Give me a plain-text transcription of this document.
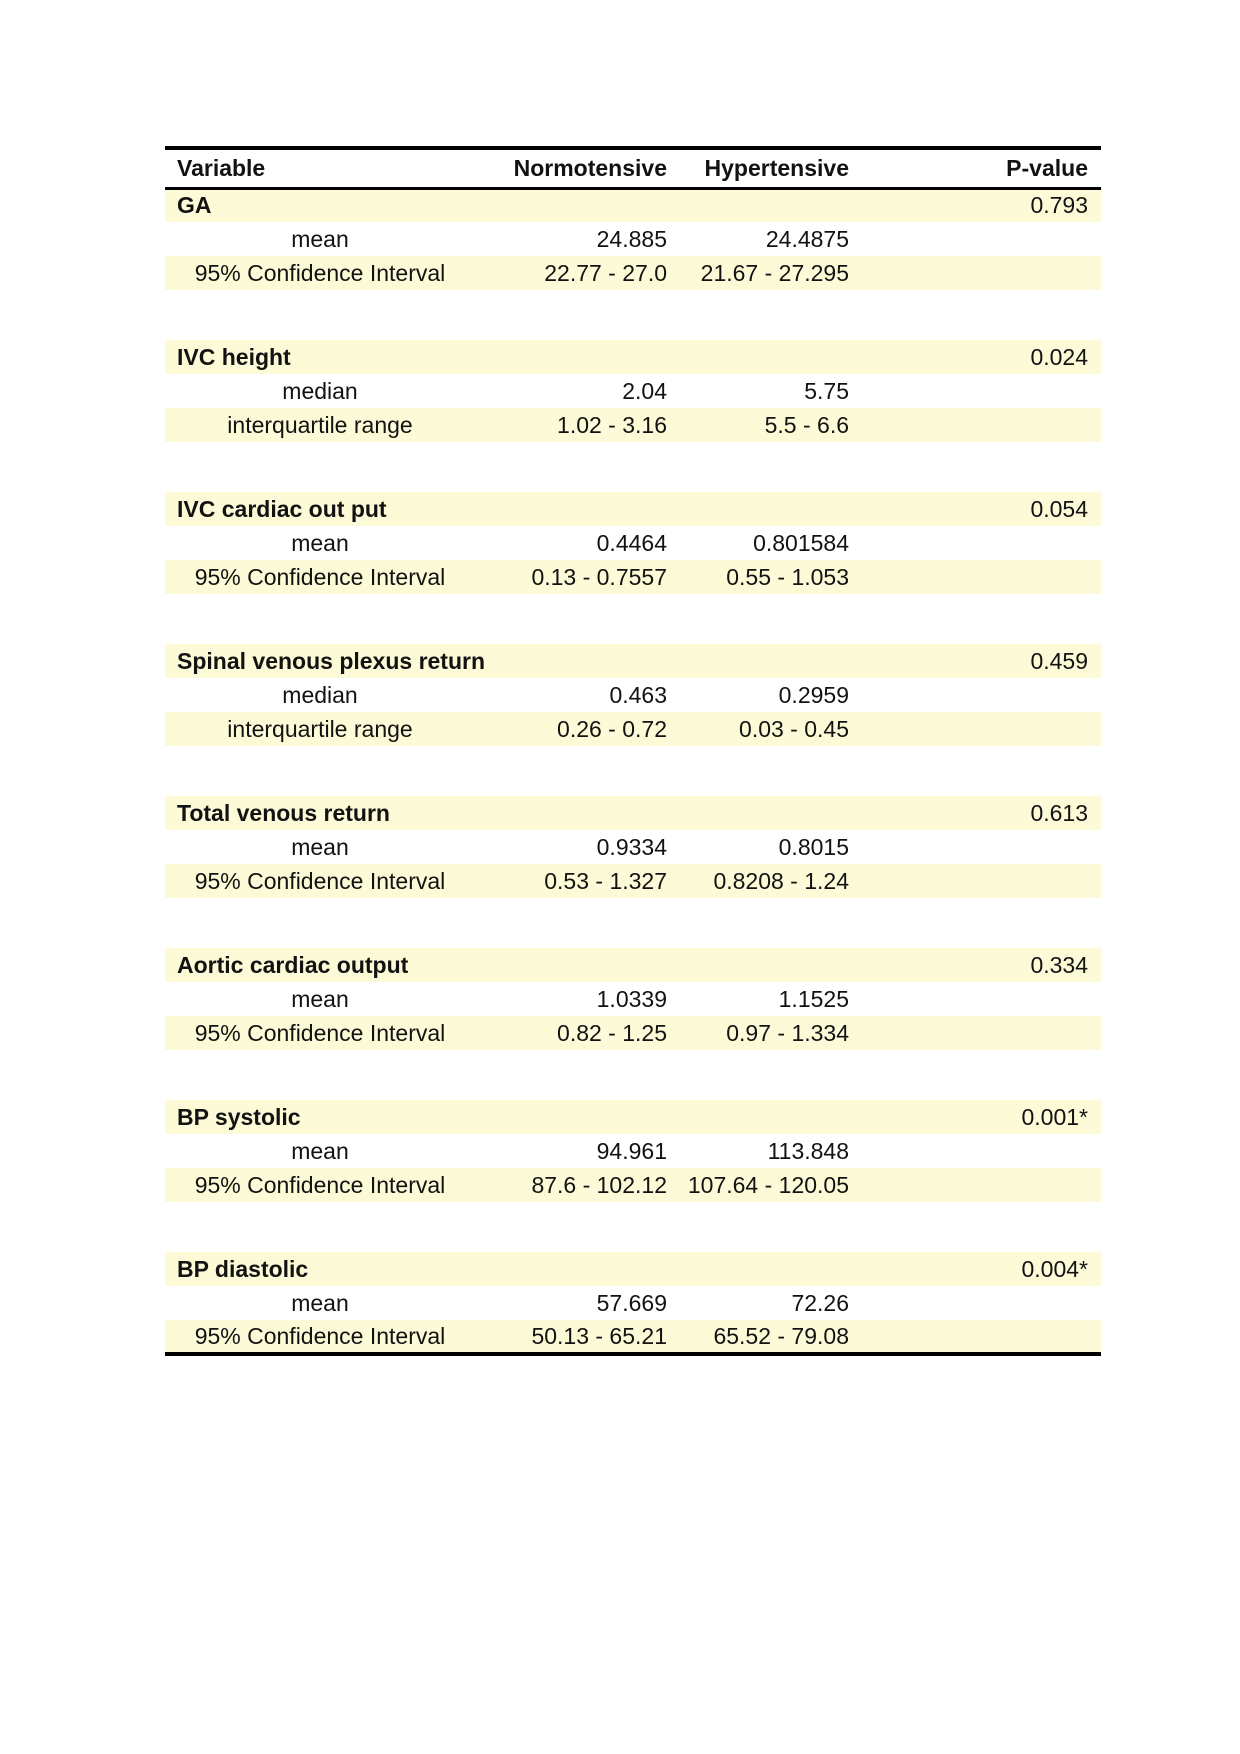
Variable	Normotensive	Hypertensive	P-value
GA			0.793
mean	24.885	24.4875	
95% Confidence Interval	22.77 - 27.0	21.67 - 27.295	

IVC height			0.024
median	2.04	5.75	
interquartile range	1.02 - 3.16	5.5 - 6.6	

IVC cardiac out put			0.054
mean	0.4464	0.801584	
95% Confidence Interval	0.13 - 0.7557	0.55 - 1.053	

Spinal venous plexus return			0.459
median	0.463	0.2959	
interquartile range	0.26 - 0.72	0.03 - 0.45	

Total venous return			0.613
mean	0.9334	0.8015	
95% Confidence Interval	0.53 - 1.327	0.8208 - 1.24	

Aortic cardiac output			0.334
mean	1.0339	1.1525	
95% Confidence Interval	0.82 - 1.25	0.97 - 1.334	

BP systolic			0.001*
mean	94.961	113.848	
95% Confidence Interval	87.6 - 102.12	107.64 - 120.05	

BP diastolic			0.004*
mean	57.669	72.26	
95% Confidence Interval	50.13 - 65.21	65.52 - 79.08	
